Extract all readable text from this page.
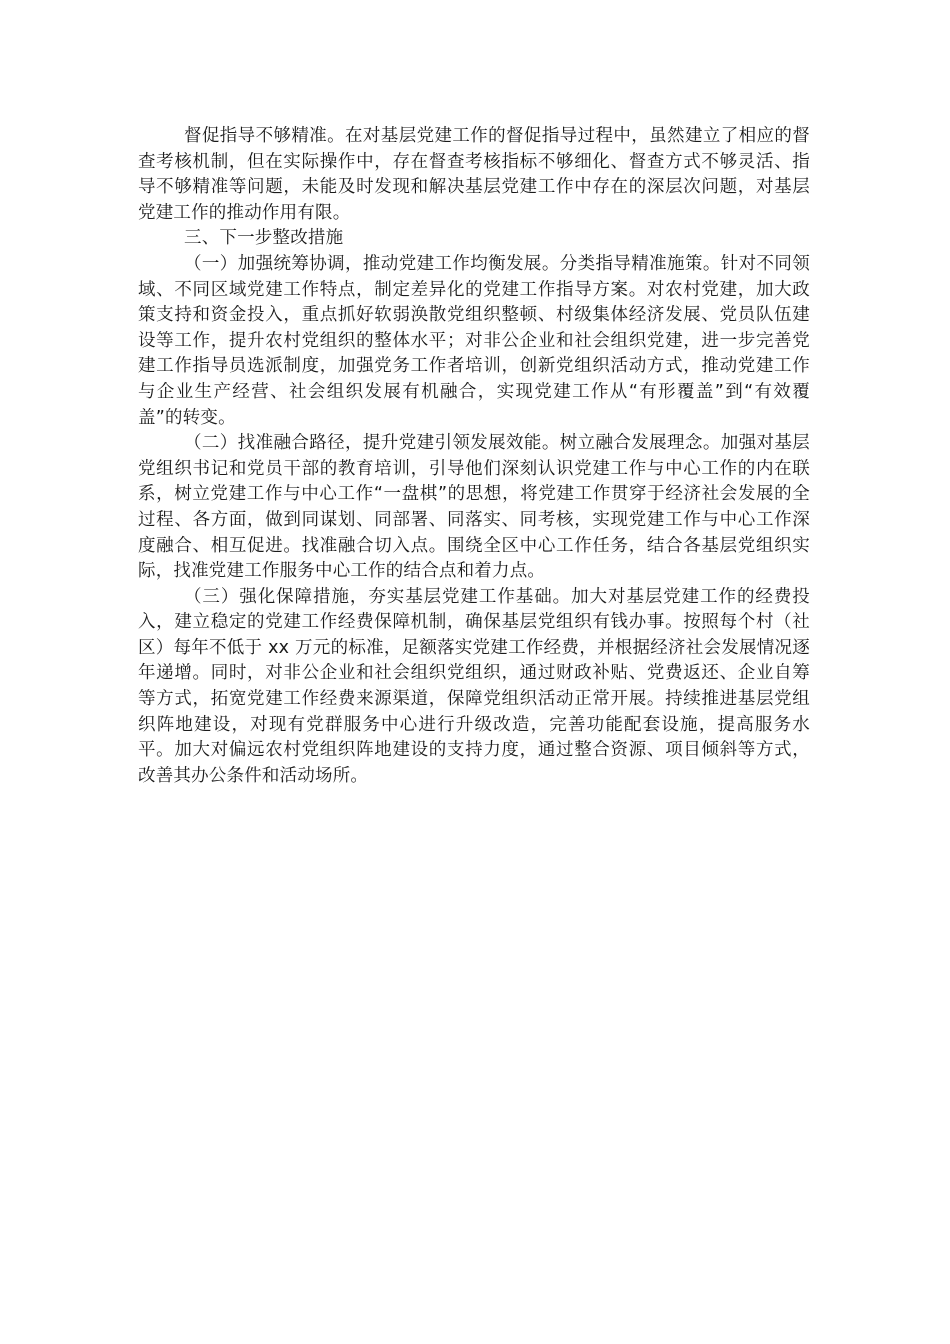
督促指导不够精准。在对基层党建工作的督促指导过程中，虽然建立了相应的督查考核机制，但在实际操作中，存在督查考核指标不够细化、督查方式不够灵活、指导不够精准等问题，未能及时发现和解决基层党建工作中存在的深层次问题，对基层党建工作的推动作用有限。

三、下一步整改措施

（一）加强统筹协调，推动党建工作均衡发展。分类指导精准施策。针对不同领域、不同区域党建工作特点，制定差异化的党建工作指导方案。对农村党建，加大政策支持和资金投入，重点抓好软弱涣散党组织整顿、村级集体经济发展、党员队伍建设等工作，提升农村党组织的整体水平；对非公企业和社会组织党建，进一步完善党建工作指导员选派制度，加强党务工作者培训，创新党组织活动方式，推动党建工作与企业生产经营、社会组织发展有机融合，实现党建工作从“有形覆盖”到“有效覆盖”的转变。

（二）找准融合路径，提升党建引领发展效能。树立融合发展理念。加强对基层党组织书记和党员干部的教育培训，引导他们深刻认识党建工作与中心工作的内在联系，树立党建工作与中心工作“一盘棋”的思想，将党建工作贯穿于经济社会发展的全过程、各方面，做到同谋划、同部署、同落实、同考核，实现党建工作与中心工作深度融合、相互促进。找准融合切入点。围绕全区中心工作任务，结合各基层党组织实际，找准党建工作服务中心工作的结合点和着力点。

（三）强化保障措施，夯实基层党建工作基础。加大对基层党建工作的经费投入，建立稳定的党建工作经费保障机制，确保基层党组织有钱办事。按照每个村（社区）每年不低于 xx 万元的标准，足额落实党建工作经费，并根据经济社会发展情况逐年递增。同时，对非公企业和社会组织党组织，通过财政补贴、党费返还、企业自筹等方式，拓宽党建工作经费来源渠道，保障党组织活动正常开展。持续推进基层党组织阵地建设，对现有党群服务中心进行升级改造，完善功能配套设施，提高服务水平。加大对偏远农村党组织阵地建设的支持力度，通过整合资源、项目倾斜等方式，改善其办公条件和活动场所。
